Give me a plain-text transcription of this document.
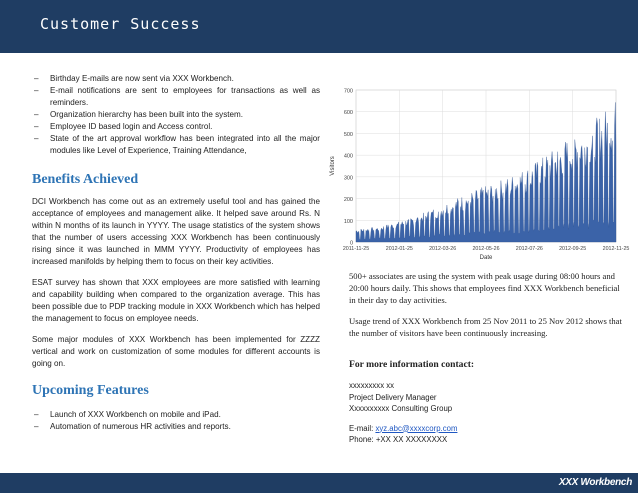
Customer Success
– Birthday E-mails are now sent via XXX Workbench.
– E-mail notifications are sent to employees for transactions as well as reminders.
– Organization hierarchy has been built into the system.
– Employee ID based login and Access control.
– State of the art approval workflow has been integrated into all the major modules like Level of Experience, Training Attendance,
Benefits Achieved

DCI Workbench has come out as an extremely useful tool and has gained the acceptance of employees and management alike. It helped save around Rs. N within N months of its launch in YYYY. The usage statistics of the system shows that the number of users accessing XXX Workbench has been continuously rising since it was launched in MMM YYYY. Productivity of employees has increased manifolds by helping them to focus on their key activities.

ESAT survey has shown that XXX employees are more satisfied with learning and capability building when compared to the organization average. This has been possible due to PDP tracking module in XXX Workbench which has helped the management to focus on employee needs.

Some major modules of XXX Workbench has been implemented for ZZZZ vertical and work on customization of some modules for different accounts is going on.

Upcoming Features
– Launch of XXX Workbench on mobile and iPad.
– Automation of numerous HR activities and reports.
0
100
200
300
400
500
600
700
2011-11-25	2012-01-25	2012-03-26	2012-05-26	2012-07-26	2012-09-25	2012-11-25
Visitors
Date

500+ associates are using the system with peak usage during 08:00 hours and 20:00 hours daily. This shows that employees find XXX Workbench beneficial in their day to day activities.

Usage trend of XXX Workbench from 25 Nov 2011 to 25 Nov 2012 shows that the number of visitors have been continuously increasing.

For more information contact:

xxxxxxxxx xx
Project Delivery Manager
Xxxxxxxxxx Consulting Group
E-mail: xyz.abc@xxxxcorp.com
Phone: +XX XX XXXXXXXX
XXX Workbench
